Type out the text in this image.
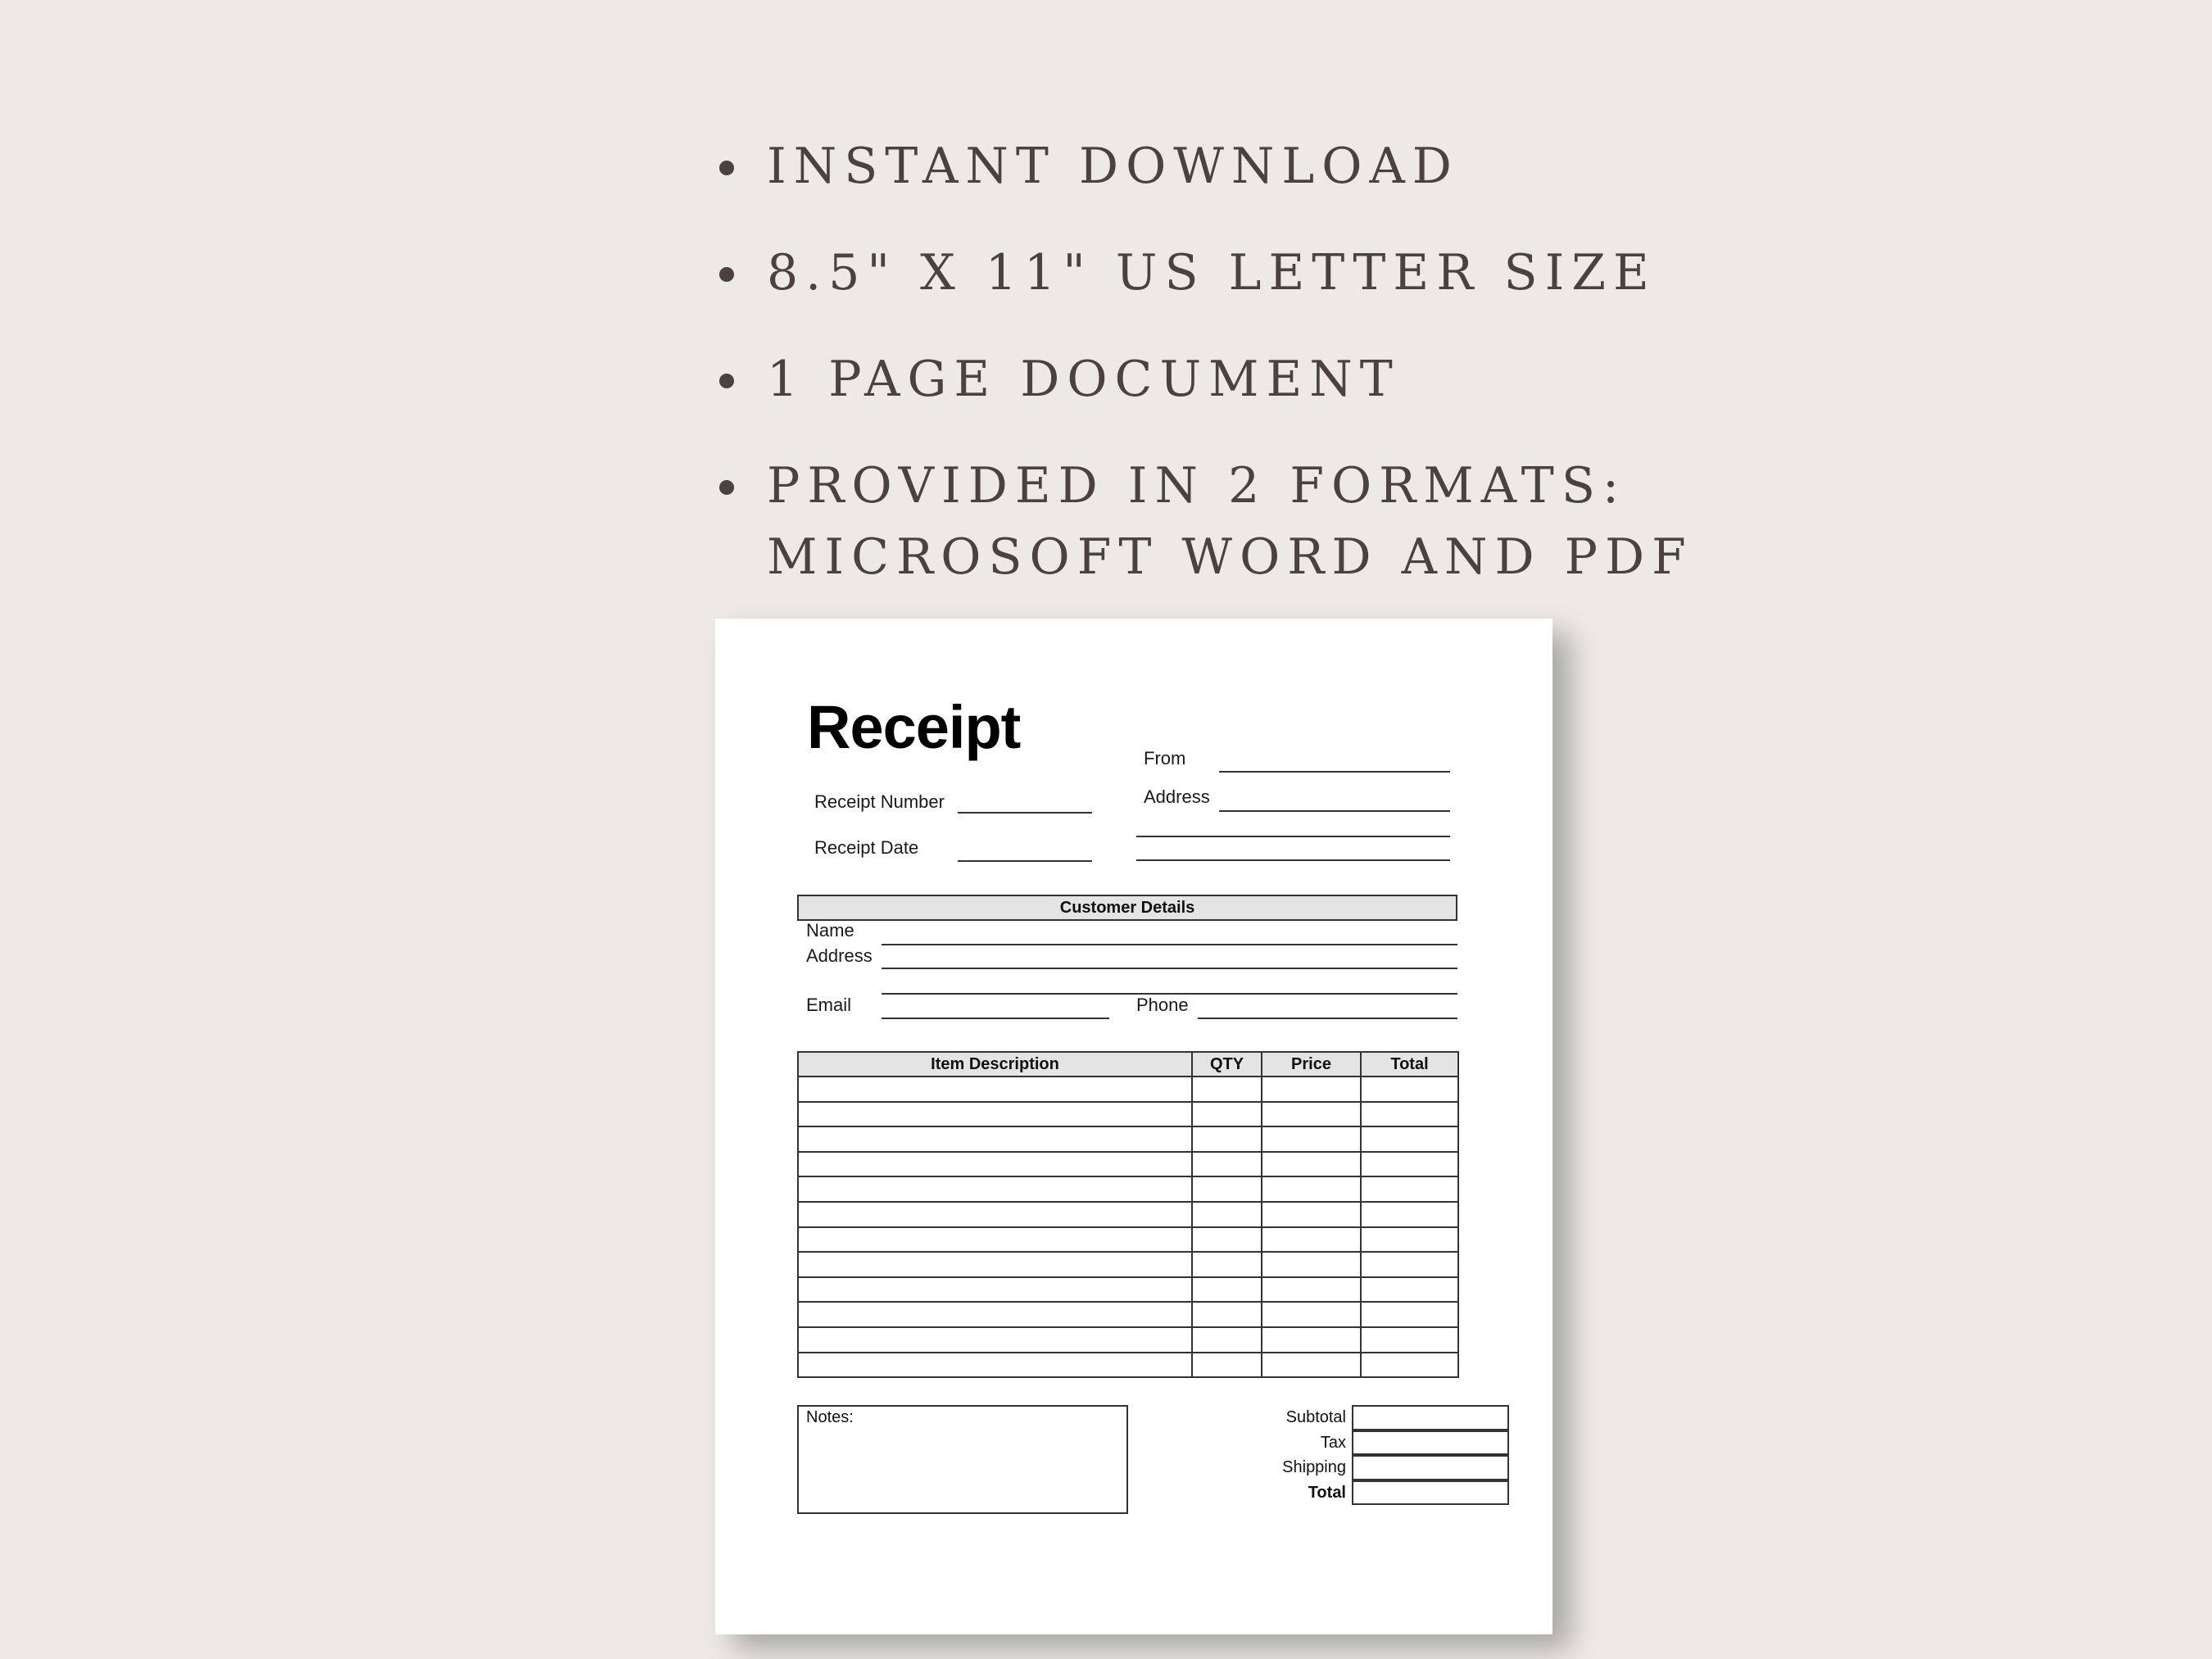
INSTANT DOWNLOAD
8.5" X 11" US LETTER SIZE
1 PAGE DOCUMENT
PROVIDED IN 2 FORMATS:
MICROSOFT WORD AND PDF
Receipt
Receipt Number
Receipt Date
From
Address
Customer Details
Name
Address
Email	Phone
Item Description	QTY	Price	Total

Notes:	Subtotal
Tax
Shipping
Total
